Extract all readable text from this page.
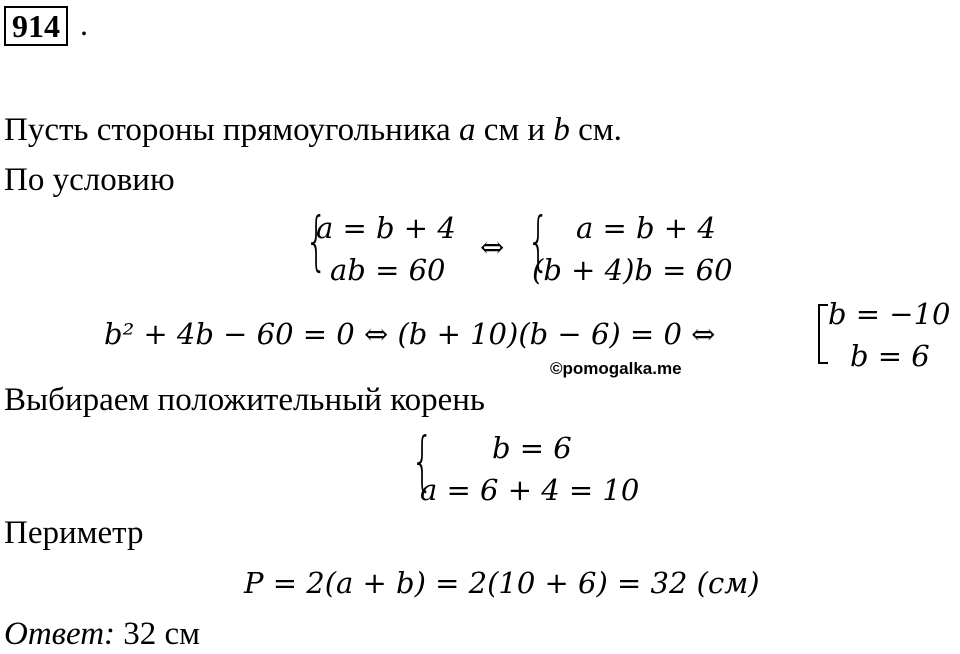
914 .
Пусть стороны прямоугольника a см и b см.
По условию
{
a = b + 4
ab = 60
⇔ { a = b + 4
(b + 4)b = 60
b² + 4b − 60 = 0 ⇔ (b + 10)(b − 6) = 0 ⇔
b = −10
b = 6
©pomogalka.me
Выбираем положительный корень
{ b = 6
a = 6 + 4 = 10
Периметр
P = 2(a + b) = 2(10 + 6) = 32 (см)
Ответ: 32 см
